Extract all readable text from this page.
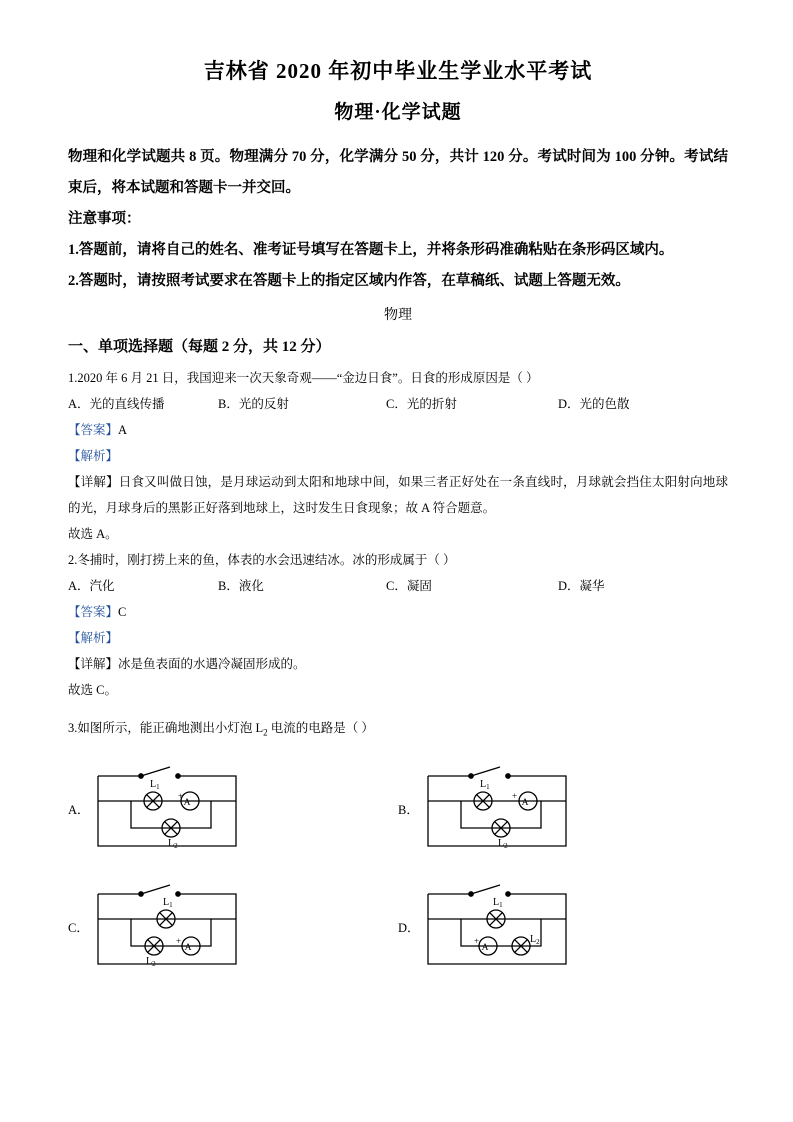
吉林省 2020 年初中毕业生学业水平考试
物理·化学试题

物理和化学试题共 8 页。物理满分 70 分，化学满分 50 分，共计 120 分。考试时间为 100 分钟。考试结束后，将本试题和答题卡一并交回。

注意事项：

1.答题前，请将自己的姓名、准考证号填写在答题卡上，并将条形码准确粘贴在条形码区域内。

2.答题时，请按照考试要求在答题卡上的指定区域内作答，在草稿纸、试题上答题无效。

物理
一、单项选择题（每题 2 分，共 12 分）

1.2020 年 6 月 21 日，我国迎来一次天象奇观——“金边日食”。日食的形成原因是（ ）

A．光的直线传播	B．光的反射	C．光的折射	D．光的色散

【答案】A

【解析】

【详解】日食又叫做日蚀，是月球运动到太阳和地球中间，如果三者正好处在一条直线时，月球就会挡住太阳射向地球的光，月球身后的黑影正好落到地球上，这时发生日食现象；故 A 符合题意。

故选 A。

2.冬捕时，刚打捞上来的鱼，体表的水会迅速结冰。冰的形成属于（ ）

A．汽化	B．液化	C．凝固	D．凝华

【答案】C

【解析】

【详解】冰是鱼表面的水遇冷凝固形成的。

故选 C。

3.如图所示，能正确地测出小灯泡 $L_2$ 电流的电路是（ ）

A．
$L_1$
A
$L_2$
+
B．
$L_1$
A
+
$L_2$
C．
$L_1$
$L_2$
+
A
D．
$L_1$
+
A
$L_2$
